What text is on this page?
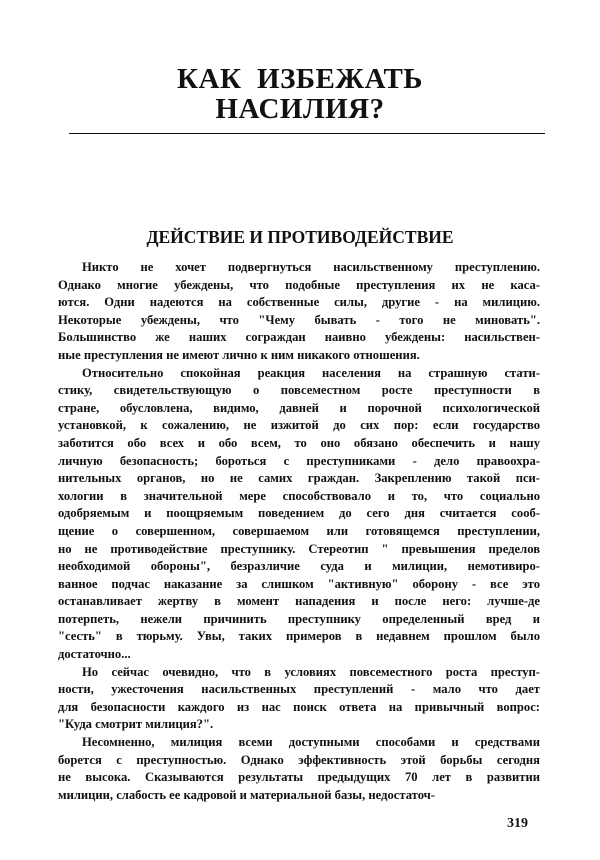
КАК  ИЗБЕЖАТЬ
НАСИЛИЯ?
ДЕЙСТВИЕ И ПРОТИВОДЕЙСТВИЕ
Никто не хочет подвергнуться насильственному преступлению.
Однако многие убеждены, что подобные преступления их не каса-
ются. Одни надеются на собственные силы, другие - на милицию.
Некоторые убеждены, что "Чему бывать - того не миновать".
Большинство же наших сограждан наивно убеждены: насильствен-
ные преступления не имеют лично к ним никакого отношения.
Относительно спокойная реакция населения на страшную стати-
стику, свидетельствующую о повсеместном росте преступности в
стране, обусловлена, видимо, давней и порочной психологической
установкой, к сожалению, не изжитой до сих пор: если государство
заботится обо всех и обо всем, то оно обязано обеспечить и нашу
личную безопасность; бороться с преступниками - дело правоохра-
нительных органов, но не самих граждан. Закреплению такой пси-
хологии в значительной мере способствовало и то, что социально
одобряемым и поощряемым поведением до сего дня считается сооб-
щение о совершенном, совершаемом или готовящемся преступлении,
но не противодействие преступнику. Стереотип " превышения пределов
необходимой обороны", безразличие суда и милиции, немотивиро-
ванное подчас наказание за слишком "активную" оборону - все это
останавливает жертву в момент нападения и после него: лучше-де
потерпеть, нежели причинить преступнику определенный вред и
"сесть" в тюрьму. Увы, таких примеров в недавнем прошлом было
достаточно...
Но сейчас очевидно, что в условиях повсеместного роста преступ-
ности, ужесточения насильственных преступлений - мало что дает
для безопасности каждого из нас поиск ответа на привычный вопрос:
"Куда смотрит милиция?".
Несомненно, милиция всеми доступными способами и средствами
борется с преступностью. Однако эффективность этой борьбы сегодня
не высока. Сказываются результаты предыдущих 70 лет в развитии
милиции, слабость ее кадровой и материальной базы, недостаточ-
319
